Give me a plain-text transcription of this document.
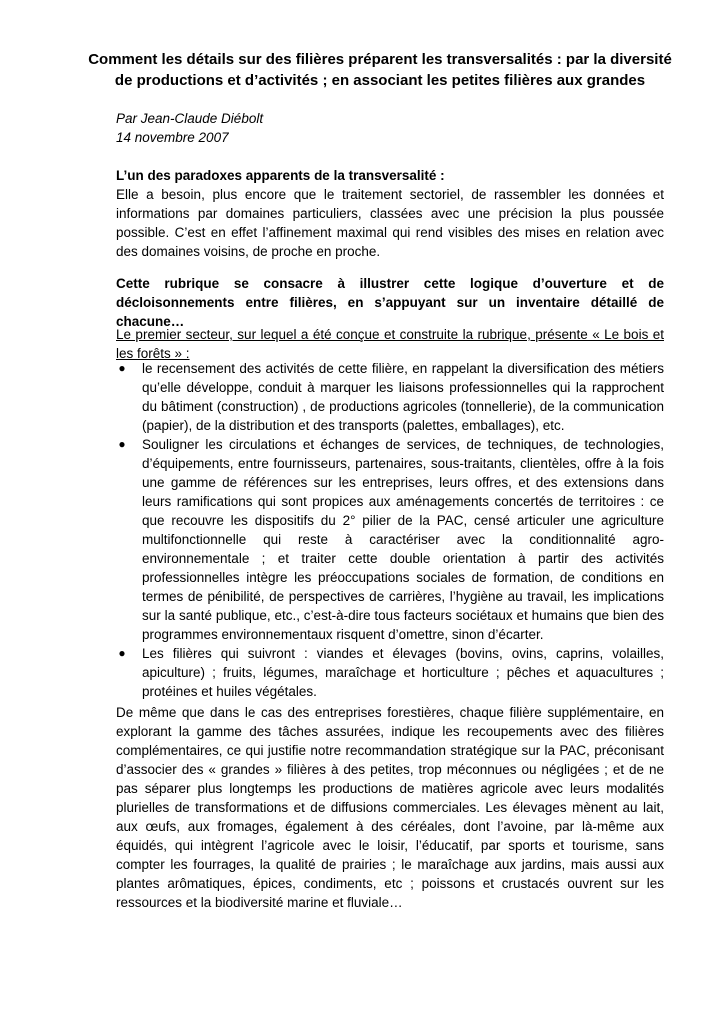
Comment les détails sur des filières préparent les transversalités : par la diversité de productions et d’activités ; en associant les petites filières aux grandes
Par Jean-Claude Diébolt
14 novembre 2007
L’un des paradoxes apparents de la transversalité :
Elle a besoin, plus encore que le traitement sectoriel, de rassembler les données et informations par domaines particuliers, classées avec une précision la plus poussée possible. C’est en effet l’affinement maximal qui rend visibles des mises en relation avec des domaines voisins, de proche en proche.
Cette rubrique se consacre à illustrer cette logique d’ouverture et de décloisonnements entre filières, en s’appuyant sur un inventaire détaillé de chacune…
Le premier secteur, sur lequel a été conçue et construite la rubrique, présente « Le bois et les forêts » :
● le recensement des activités de cette filière, en rappelant la diversification des métiers qu’elle développe, conduit à marquer les liaisons professionnelles qui la rapprochent du bâtiment (construction) , de productions agricoles (tonnellerie), de la communication (papier), de la distribution et des transports (palettes, emballages), etc.
● Souligner les circulations et échanges de services, de techniques, de technologies, d’équipements, entre fournisseurs, partenaires, sous-traitants, clientèles, offre à la fois une gamme de références sur les entreprises, leurs offres, et des extensions dans leurs ramifications qui sont propices aux aménagements concertés de territoires : ce que recouvre les dispositifs du 2° pilier de la PAC, censé articuler une agriculture multifonctionnelle qui reste à caractériser avec la conditionnalité agro-environnementale ; et traiter cette double orientation à partir des activités professionnelles intègre les préoccupations sociales de formation, de conditions en termes de pénibilité, de perspectives de carrières, l’hygiène au travail, les implications sur la santé publique, etc., c’est-à-dire tous facteurs sociétaux et humains que bien des programmes environnementaux risquent d’omettre, sinon d’écarter.
● Les filières qui suivront : viandes et élevages (bovins, ovins, caprins, volailles, apiculture) ; fruits, légumes, maraîchage et horticulture ; pêches et aquacultures ; protéines et huiles végétales.
De même que dans le cas des entreprises forestières, chaque filière supplémentaire, en explorant la gamme des tâches assurées, indique les recoupements avec des filières complémentaires, ce qui justifie notre recommandation stratégique sur la PAC, préconisant d’associer des « grandes » filières à des petites, trop méconnues ou négligées ; et de ne pas séparer plus longtemps les productions de matières agricole avec leurs modalités plurielles de transformations et de diffusions commerciales. Les élevages mènent au lait, aux œufs, aux fromages, également à des céréales, dont l’avoine, par là-même aux équidés, qui intègrent l’agricole avec le loisir, l’éducatif, par sports et tourisme, sans compter les fourrages, la qualité de prairies ; le maraîchage aux jardins, mais aussi aux plantes arômatiques, épices, condiments, etc ; poissons et crustacés ouvrent sur les ressources et la biodiversité marine et fluviale…
